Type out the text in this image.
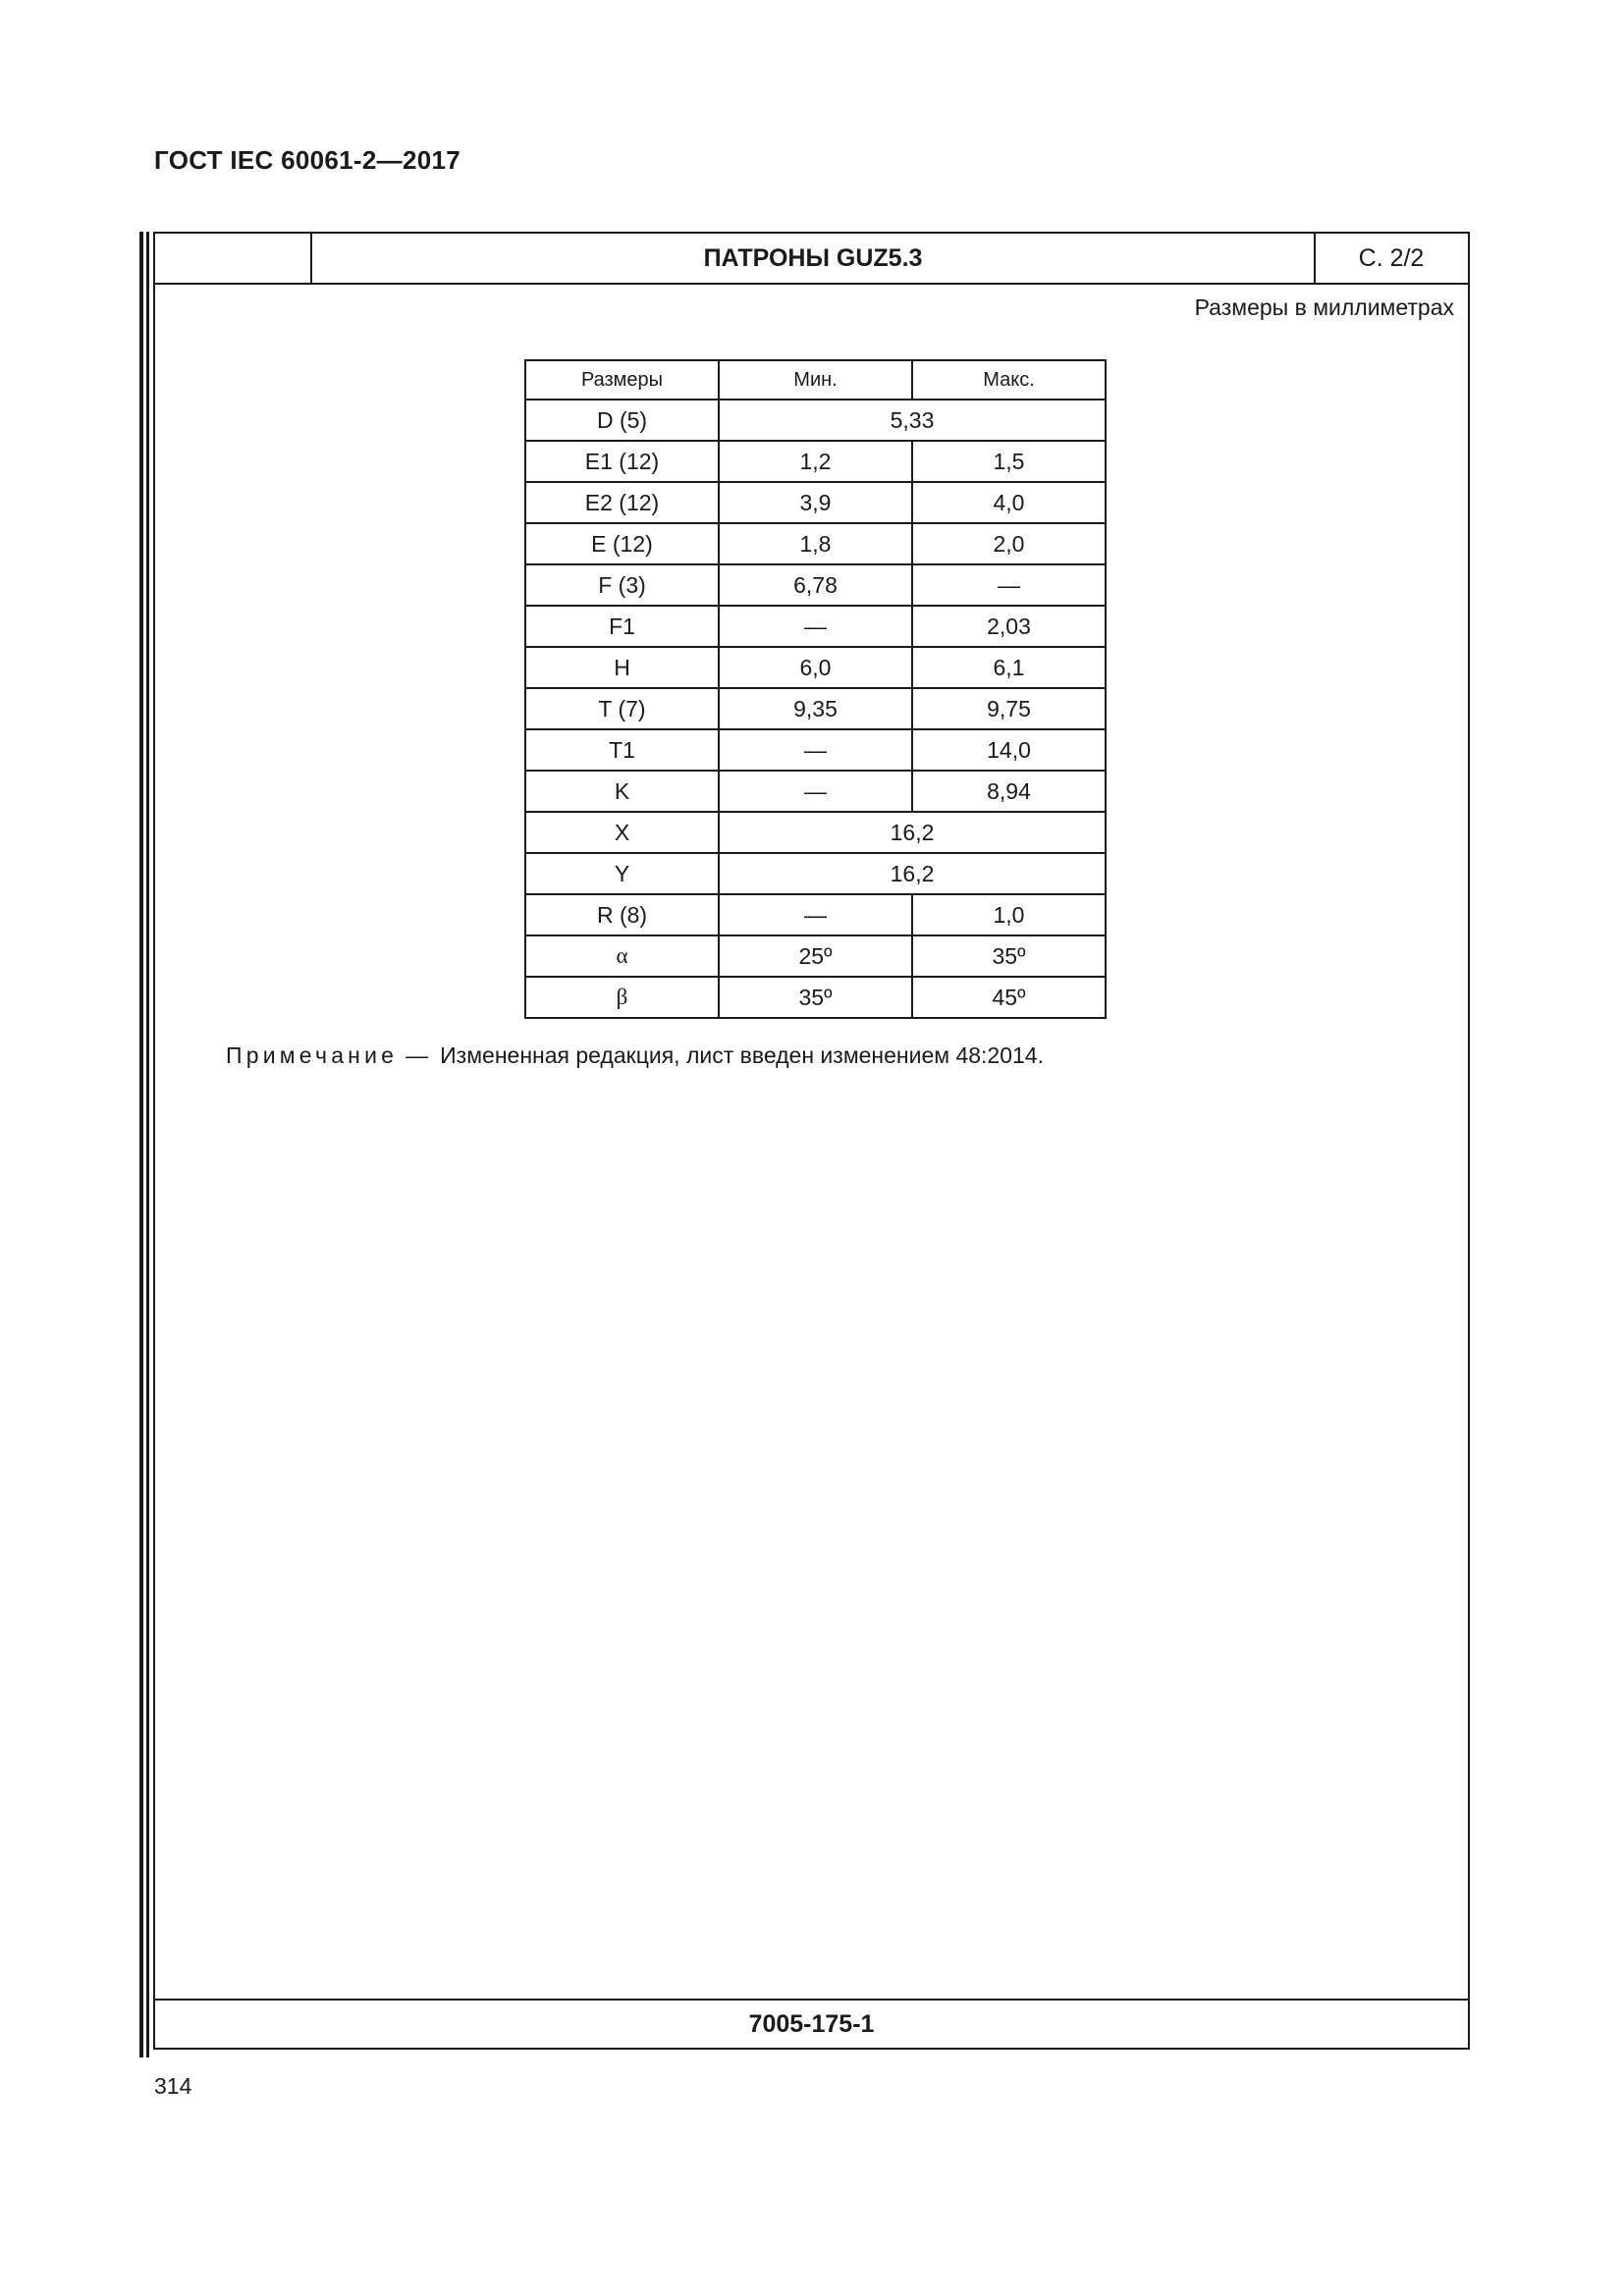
ГОСТ IEC 60061-2—2017
ПАТРОНЫ GUZ5.3	С. 2/2
Размеры в миллиметрах
Размеры	Мин.	Макс.
D (5)	5,33	
E1 (12)	1,2	1,5
E2 (12)	3,9	4,0
E (12)	1,8	2,0
F (3)	6,78	—
F1	—	2,03
H	6,0	6,1
T (7)	9,35	9,75
T1	—	14,0
K	—	8,94
X	16,2	
Y	16,2	
R (8)	—	1,0
α	25º	35º
β	35º	45º
Примечание — Измененная редакция, лист введен изменением 48:2014.
7005-175-1
314
